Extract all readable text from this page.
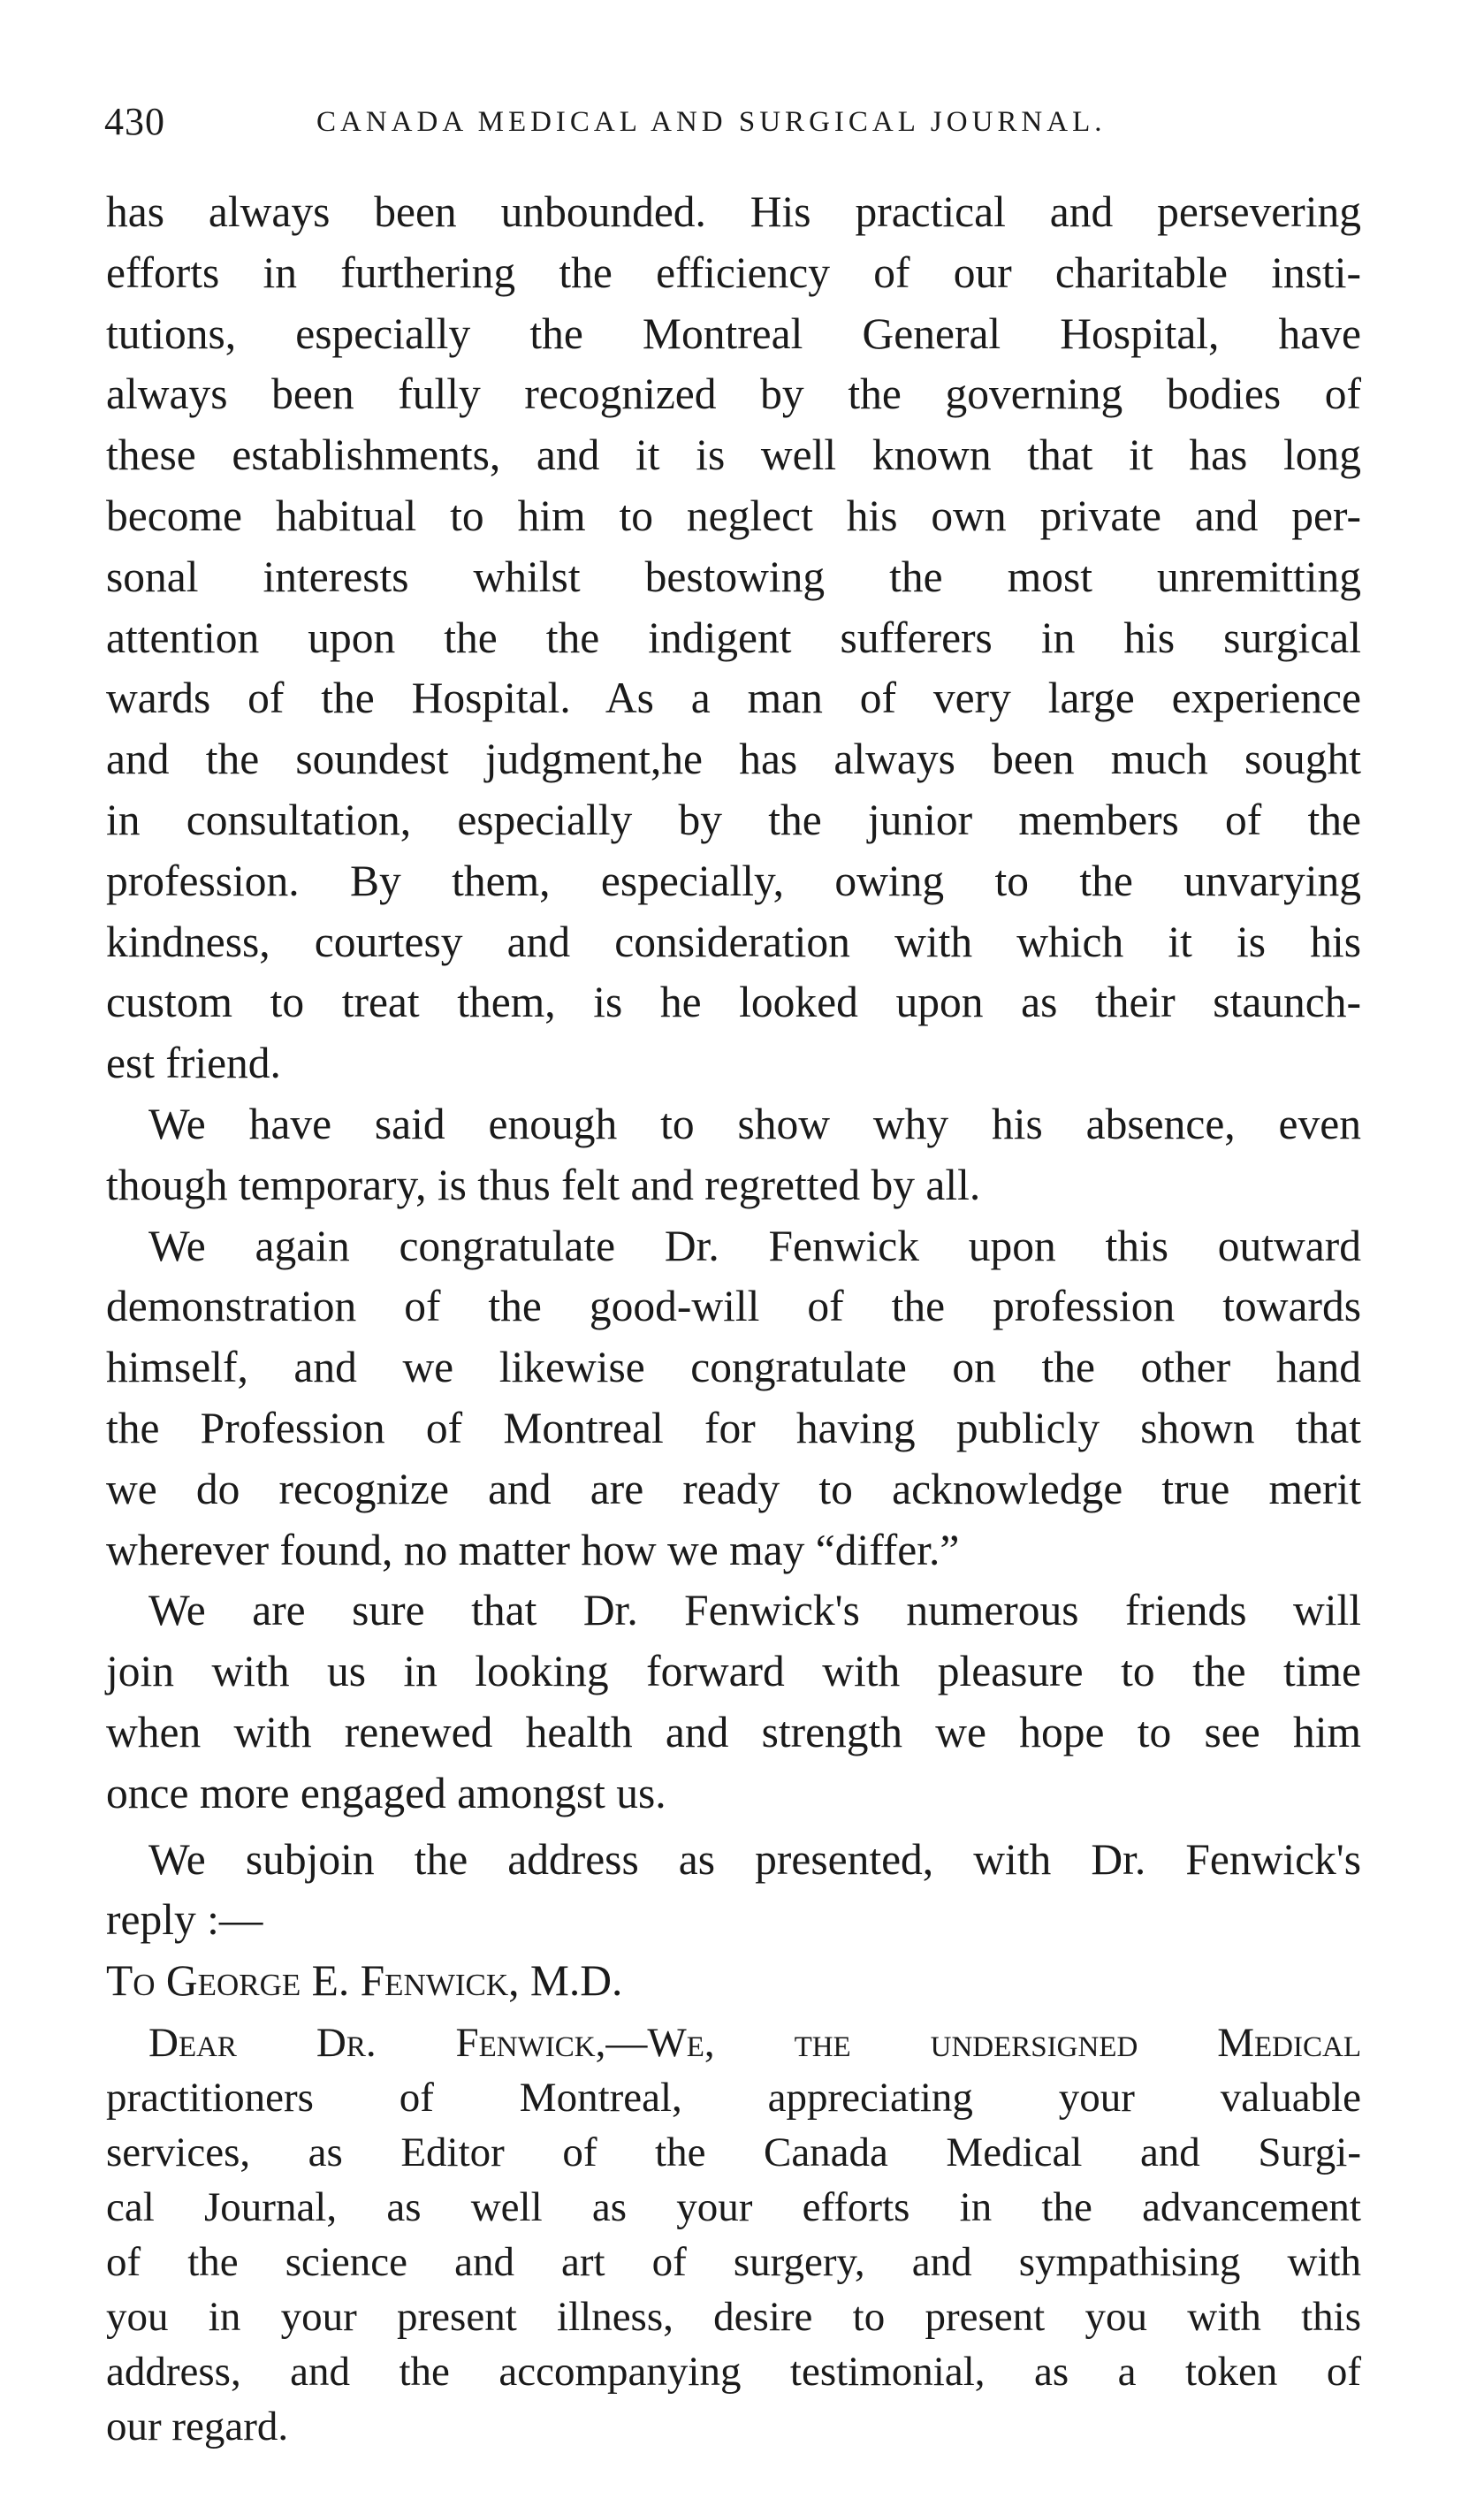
430	CANADA MEDICAL AND SURGICAL JOURNAL.
has always been unbounded. His practical and persevering
efforts in furthering the efficiency of our charitable insti-
tutions, especially the Montreal General Hospital, have
always been fully recognized by the governing bodies of
these establishments, and it is well known that it has long
become habitual to him to neglect his own private and per-
sonal interests whilst bestowing the most unremitting
attention upon the the indigent sufferers in his surgical
wards of the Hospital. As a man of very large experience
and the soundest judgment,he has always been much sought
in consultation, especially by the junior members of the
profession. By them, especially, owing to the unvarying
kindness, courtesy and consideration with which it is his
custom to treat them, is he looked upon as their staunch-
est friend.
We have said enough to show why his absence, even
though temporary, is thus felt and regretted by all.
We again congratulate Dr. Fenwick upon this outward
demonstration of the good-will of the profession towards
himself, and we likewise congratulate on the other hand
the Profession of Montreal for having publicly shown that
we do recognize and are ready to acknowledge true merit
wherever found, no matter how we may “differ.”
We are sure that Dr. Fenwick's numerous friends will
join with us in looking forward with pleasure to the time
when with renewed health and strength we hope to see him
once more engaged amongst us.
We subjoin the address as presented, with Dr. Fenwick's
reply :—

To George E. Fenwick, M.D.

Dear Dr. Fenwick,—We, the undersigned Medical
practitioners of Montreal, appreciating your valuable
services, as Editor of the Canada Medical and Surgi-
cal Journal, as well as your efforts in the advancement
of the science and art of surgery, and sympathising with
you in your present illness, desire to present you with this
address, and the accompanying testimonial, as a token of
our regard.
